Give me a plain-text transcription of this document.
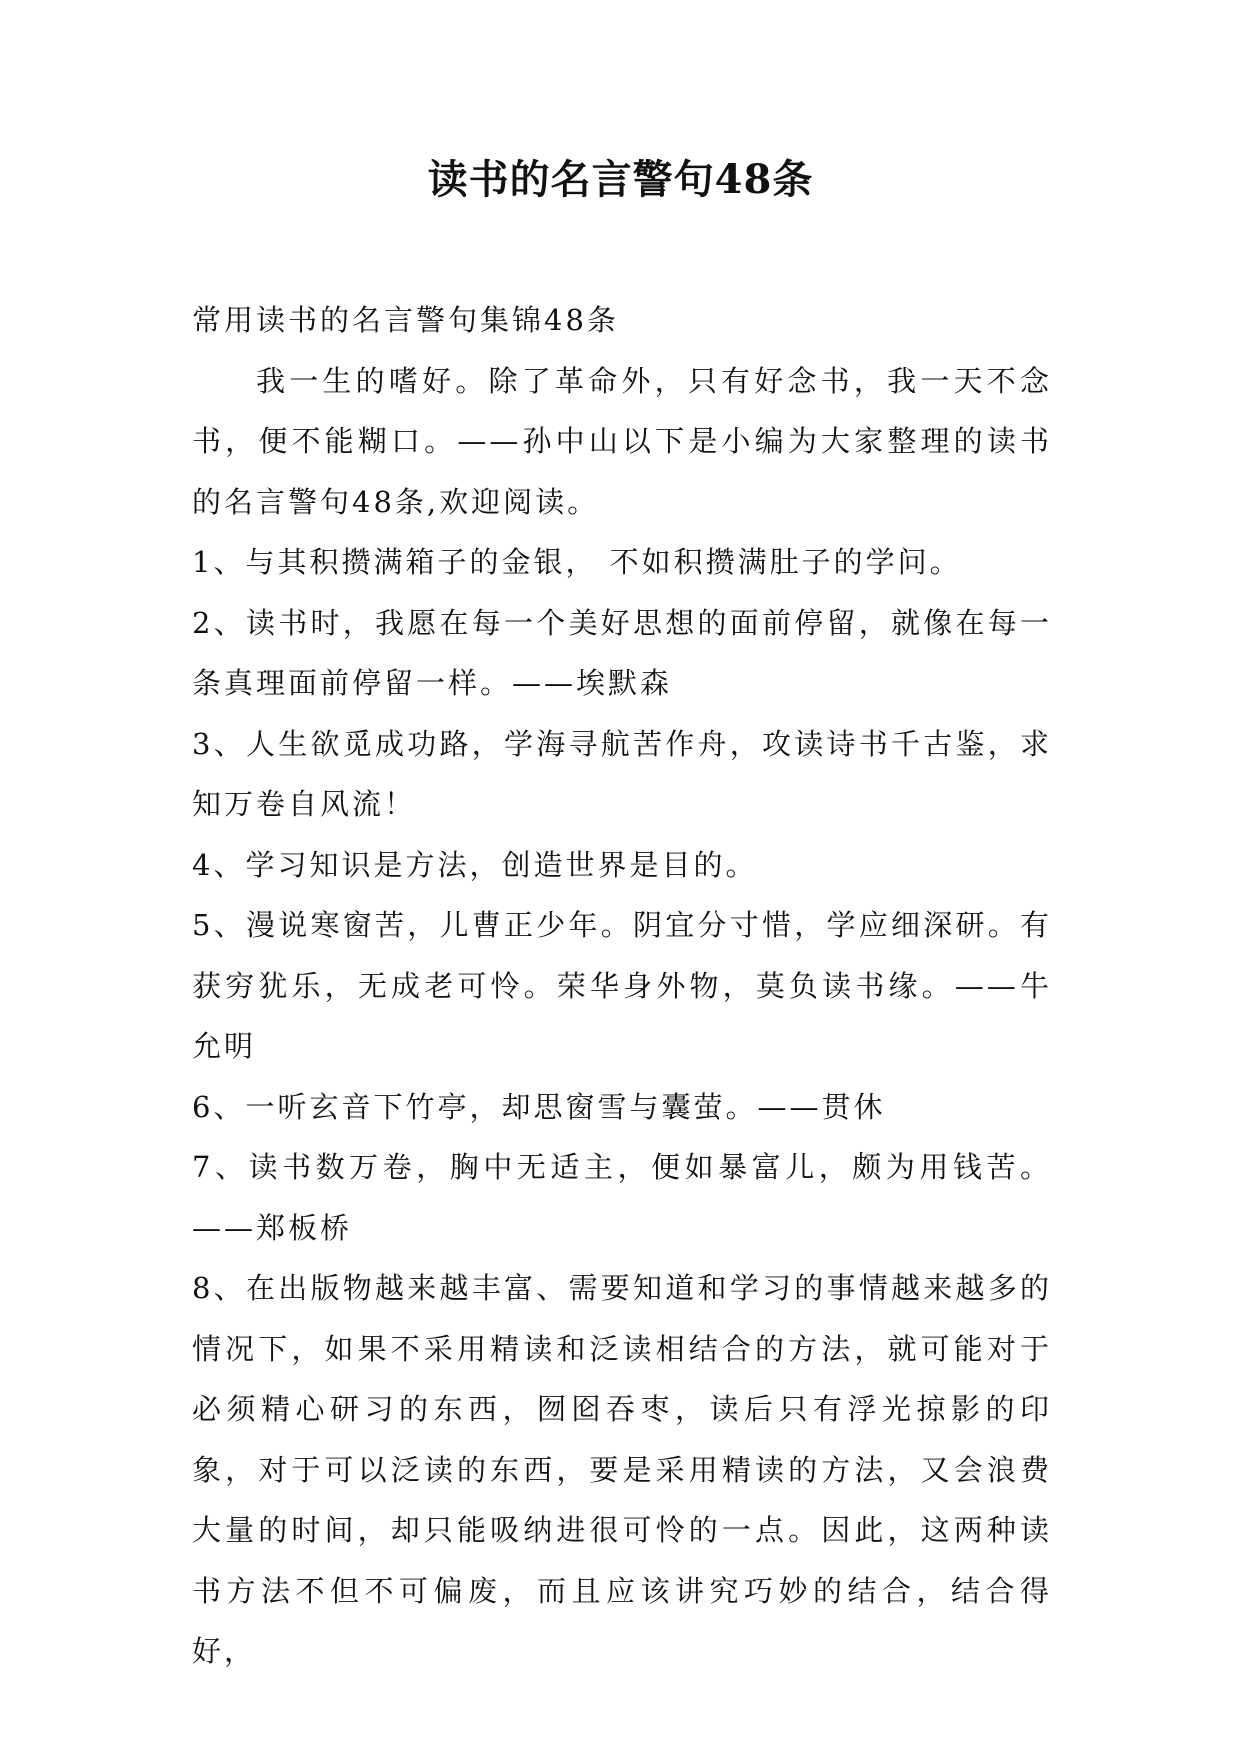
读书的名言警句48条

常用读书的名言警句集锦48条

我一生的嗜好。除了革命外，只有好念书，我一天不念书，便不能糊口。——孙中山以下是小编为大家整理的读书的名言警句48条,欢迎阅读。

1、与其积攒满箱子的金银， 不如积攒满肚子的学问。

2、读书时，我愿在每一个美好思想的面前停留，就像在每一条真理面前停留一样。——埃默森

3、人生欲觅成功路，学海寻航苦作舟，攻读诗书千古鉴，求知万卷自风流！

4、学习知识是方法，创造世界是目的。

5、漫说寒窗苦，儿曹正少年。阴宜分寸惜，学应细深研。有获穷犹乐，无成老可怜。荣华身外物，莫负读书缘。——牛允明

6、一听玄音下竹亭，却思窗雪与囊萤。——贯休

7、读书数万卷，胸中无适主，便如暴富儿，颇为用钱苦。——郑板桥

8、在出版物越来越丰富、需要知道和学习的事情越来越多的情况下，如果不采用精读和泛读相结合的方法，就可能对于必须精心研习的东西，囫囵吞枣，读后只有浮光掠影的印象，对于可以泛读的东西，要是采用精读的方法，又会浪费大量的时间，却只能吸纳进很可怜的一点。因此，这两种读书方法不但不可偏废，而且应该讲究巧妙的结合，结合得好，
